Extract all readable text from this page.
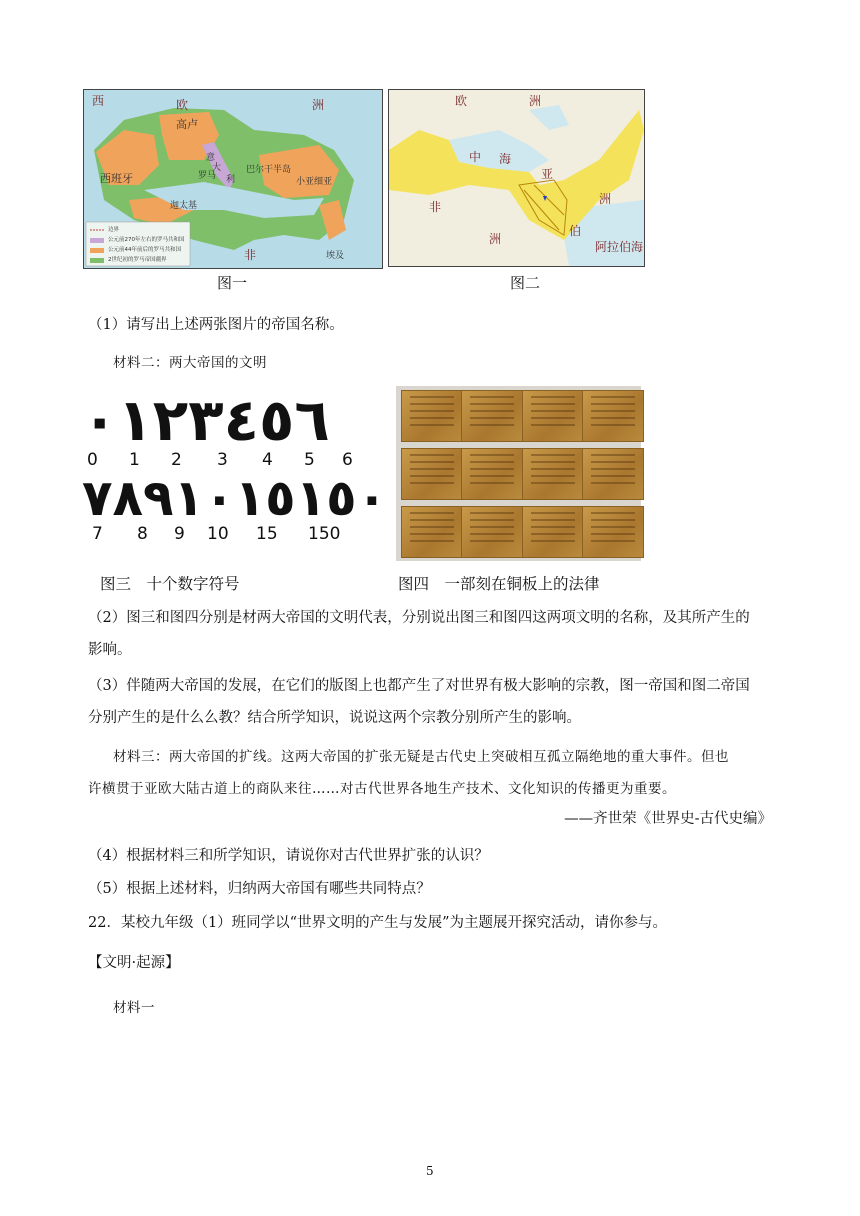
西	洲
欧
高卢
西班牙
意
大
利
罗马
巴尔干半岛
小亚细亚
非	埃及
迦太基
边界
公元前270年左右的罗马共和国
公元前44年前后的罗马共和国
2世纪初的罗马帝国疆界
欧	洲
中 海
亚
非
洲
阿拉伯海
伯
洲
图一	图二
（1）请写出上述两张图片的帝国名称。
材料二：两大帝国的文明
٠١٢٣٤٥٦
0 1 2 3 4 5 6
٧٨٩١٠١٥١٥٠
7 8 9 10 15 150
图三　十个数字符号	图四　一部刻在铜板上的法律
（2）图三和图四分别是材两大帝国的文明代表，分别说出图三和图四这两项文明的名称，及其所产生的
影响。
（3）伴随两大帝国的发展，在它们的版图上也都产生了对世界有极大影响的宗教，图一帝国和图二帝国
分别产生的是什么么教？结合所学知识，说说这两个宗教分别所产生的影响。
材料三：两大帝国的扩线。这两大帝国的扩张无疑是古代史上突破相互孤立隔绝地的重大事件。但也
许横贯于亚欧大陆古道上的商队来往……对古代世界各地生产技术、文化知识的传播更为重要。
——齐世荣《世界史-古代史编》
（4）根据材料三和所学知识，请说你对古代世界扩张的认识？
（5）根据上述材料，归纳两大帝国有哪些共同特点？
22．某校九年级（1）班同学以“世界文明的产生与发展”为主题展开探究活动，请你参与。
【文明·起源】
材料一
5
